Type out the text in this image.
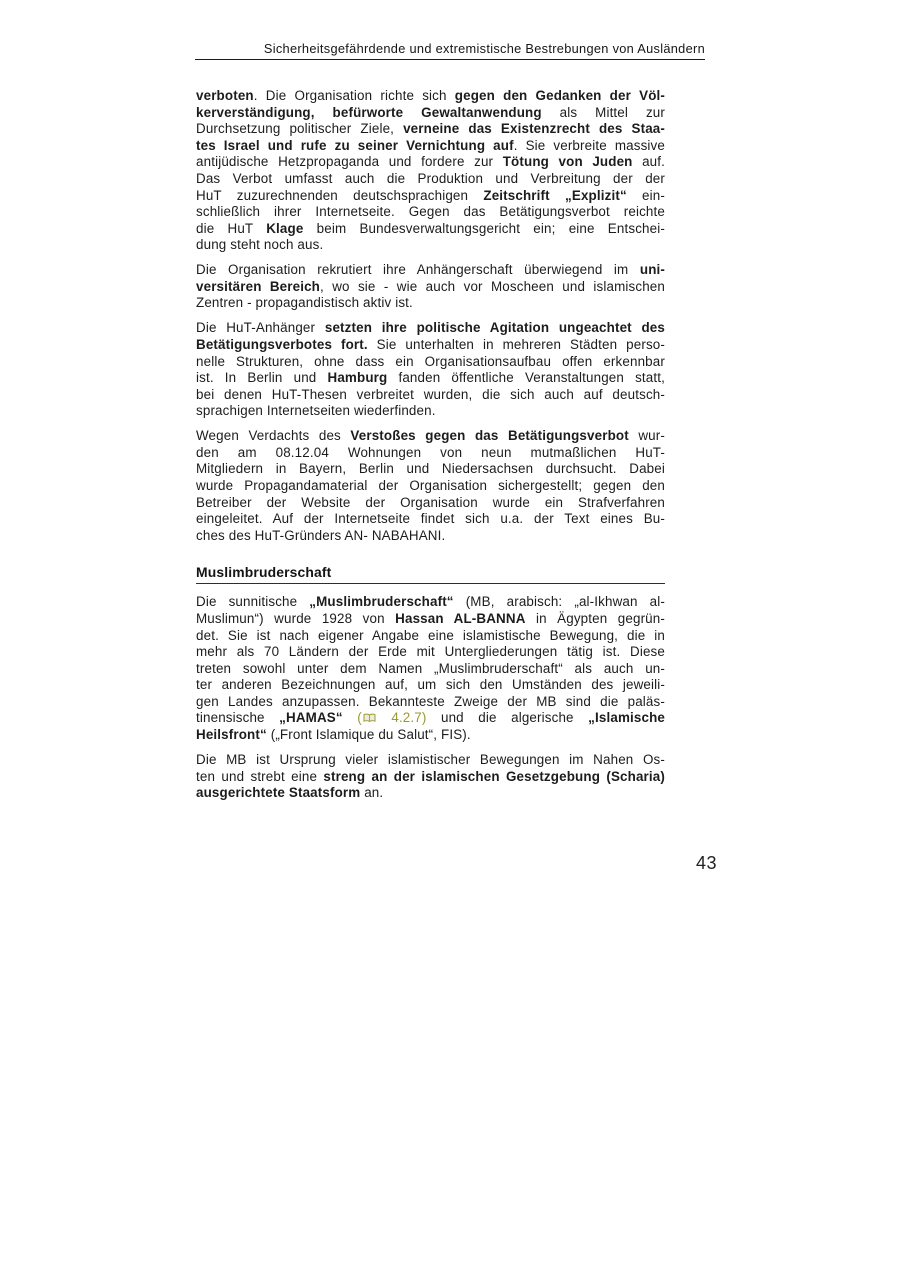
Sicherheitsgefährdende und extremistische Bestrebungen von Ausländern
verboten. Die Organisation richte sich gegen den Gedanken der Völ-
kerverständigung, befürworte Gewaltanwendung als Mittel zur
Durchsetzung politischer Ziele, verneine das Existenzrecht des Staa-
tes Israel und rufe zu seiner Vernichtung auf. Sie verbreite massive
antijüdische Hetzpropaganda und fordere zur Tötung von Juden auf.
Das Verbot umfasst auch die Produktion und Verbreitung der der
HuT zuzurechnenden deutschsprachigen Zeitschrift „Explizit“ ein-
schließlich ihrer Internetseite. Gegen das Betätigungsverbot reichte
die HuT Klage beim Bundesverwaltungsgericht ein; eine Entschei-
dung steht noch aus.
Die Organisation rekrutiert ihre Anhängerschaft überwiegend im uni-
versitären Bereich, wo sie - wie auch vor Moscheen und islamischen
Zentren - propagandistisch aktiv ist.
Die HuT-Anhänger setzten ihre politische Agitation ungeachtet des
Betätigungsverbotes fort. Sie unterhalten in mehreren Städten perso-
nelle Strukturen, ohne dass ein Organisationsaufbau offen erkennbar
ist. In Berlin und Hamburg fanden öffentliche Veranstaltungen statt,
bei denen HuT-Thesen verbreitet wurden, die sich auch auf deutsch-
sprachigen Internetseiten wiederfinden.
Wegen Verdachts des Verstoßes gegen das Betätigungsverbot wur-
den am 08.12.04 Wohnungen von neun mutmaßlichen HuT-
Mitgliedern in Bayern, Berlin und Niedersachsen durchsucht. Dabei
wurde Propagandamaterial der Organisation sichergestellt; gegen den
Betreiber der Website der Organisation wurde ein Strafverfahren
eingeleitet. Auf der Internetseite findet sich u.a. der Text eines Bu-
ches des HuT-Gründers AN- NABAHANI.
Muslimbruderschaft
Die sunnitische „Muslimbruderschaft“ (MB, arabisch: „al-Ikhwan al-
Muslimun“) wurde 1928 von Hassan AL-BANNA in Ägypten gegrün-
det. Sie ist nach eigener Angabe eine islamistische Bewegung, die in
mehr als 70 Ländern der Erde mit Untergliederungen tätig ist. Diese
treten sowohl unter dem Namen „Muslimbruderschaft“ als auch un-
ter anderen Bezeichnungen auf, um sich den Umständen des jeweili-
gen Landes anzupassen. Bekannteste Zweige der MB sind die paläs-
tinensische „HAMAS“ ( 4.2.7) und die algerische „Islamische
Heilsfront“ („Front Islamique du Salut“, FIS).
Die MB ist Ursprung vieler islamistischer Bewegungen im Nahen Os-
ten und strebt eine streng an der islamischen Gesetzgebung (Scharia)
ausgerichtete Staatsform an.
43
